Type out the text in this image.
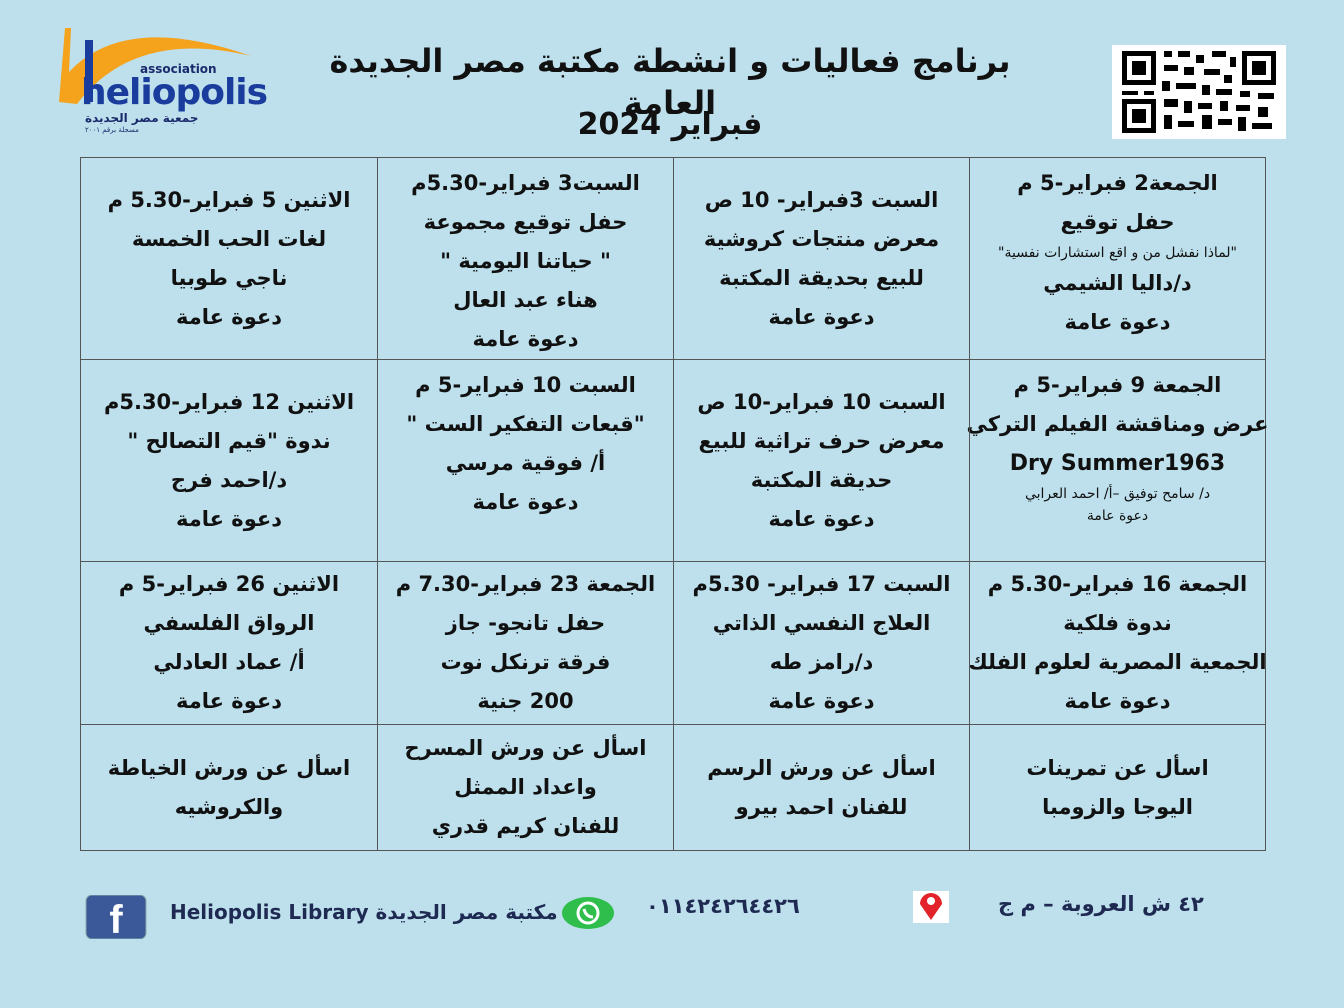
association
heliopolis
جمعية مصر الجديدة
مسجلة برقم ٢٠٠١
برنامج فعاليات و انشطة مكتبة مصر الجديدة العامة
فبراير 2024
الجمعة2 فبراير-5 م
حفل توقيع
"لماذا نفشل من و اقع استشارات نفسية"
د/داليا الشيمي
دعوة عامة
السبت 3فبراير- 10 ص
معرض منتجات كروشية
للبيع بحديقة المكتبة
دعوة عامة
السبت3 فبراير-5.30م
حفل توقيع مجموعة
" حياتنا اليومية "
هناء عبد العال
دعوة عامة
الاثنين 5 فبراير-5.30 م
لغات الحب الخمسة
ناجي طوبيا
دعوة عامة
الجمعة 9 فبراير-5 م
عرض ومناقشة الفيلم التركي
Dry Summer1963
د/ سامح توفيق –أ/ احمد العرابي
دعوة عامة
السبت 10 فبراير-10 ص
معرض حرف تراثية للبيع
حديقة المكتبة
دعوة عامة
السبت 10 فبراير-5 م
"قبعات التفكير الست "
أ/ فوقية مرسي
دعوة عامة
الاثنين 12 فبراير-5.30م
ندوة "قيم التصالح "
د/احمد فرج
دعوة عامة
الجمعة 16 فبراير-5.30 م
ندوة فلكية
الجمعية المصرية لعلوم الفلك
دعوة عامة
السبت 17 فبراير- 5.30م
العلاج النفسي الذاتي
د/رامز طه
دعوة عامة
الجمعة 23 فبراير-7.30 م
حفل تانجو- جاز
فرقة ترنكل نوت
200 جنية
الاثنين 26 فبراير-5 م
الرواق الفلسفي
أ/ عماد العادلي
دعوة عامة
اسأل عن تمرينات
اليوجا والزومبا
اسأل عن ورش الرسم
للفنان احمد بيرو
اسأل عن ورش المسرح
واعداد الممثل
للفنان كريم قدري
اسأل عن ورش الخياطة
والكروشيه
f Heliopolis Library مكتبة مصر الجديدة	٠١١٤٢٤٢٦٤٤٢٦	٤٢ ش العروبة – م ج
